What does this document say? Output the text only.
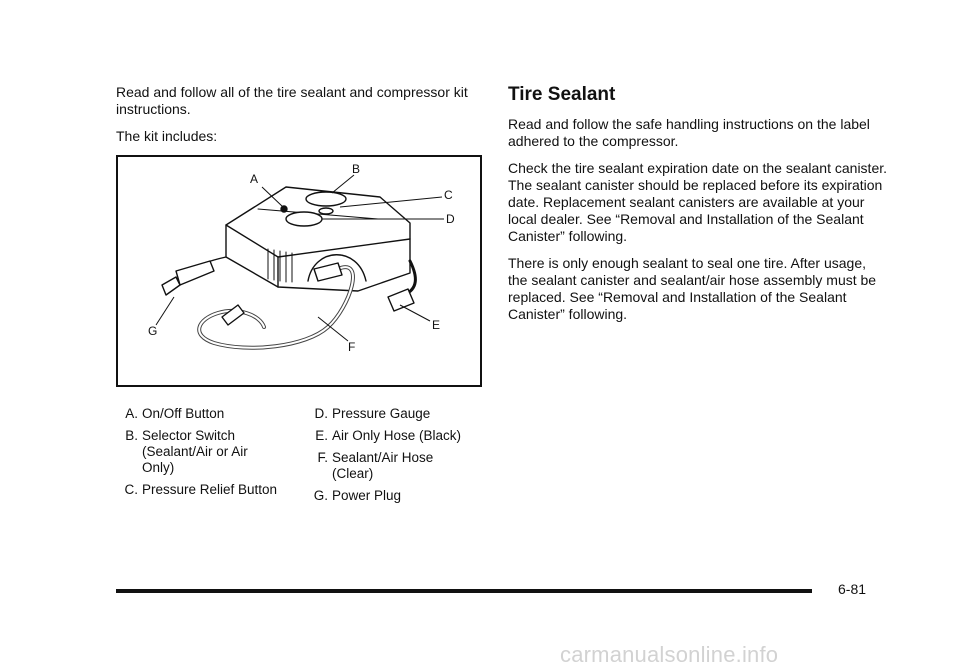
Read and follow all of the tire sealant and compressor kit instructions.

The kit includes:

A
B
C
D
E
F
G
A. On/Off Button
B. Selector Switch (Sealant/Air or Air Only)
C. Pressure Relief Button
D. Pressure Gauge
E. Air Only Hose (Black)
F. Sealant/Air Hose (Clear)
G. Power Plug
Tire Sealant

Read and follow the safe handling instructions on the label adhered to the compressor.

Check the tire sealant expiration date on the sealant canister. The sealant canister should be replaced before its expiration date. Replacement sealant canisters are available at your local dealer. See “Removal and Installation of the Sealant Canister” following.

There is only enough sealant to seal one tire. After usage, the sealant canister and sealant/air hose assembly must be replaced. See “Removal and Installation of the Sealant Canister” following.

6-81
carmanualsonline.info
